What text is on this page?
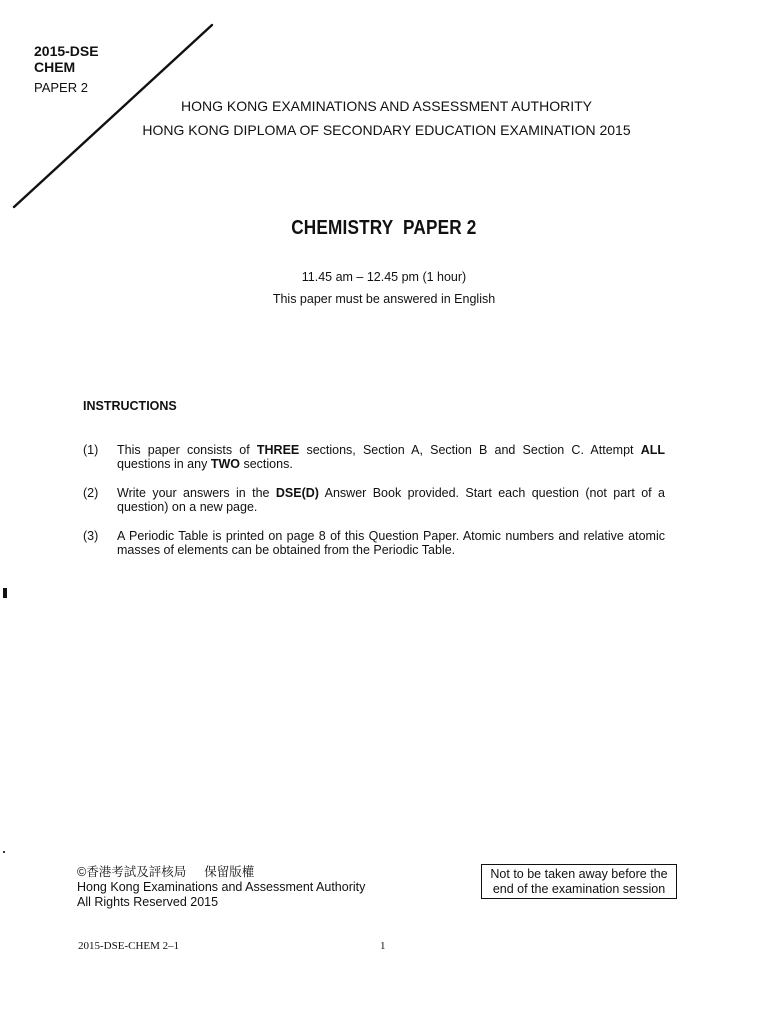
2015-DSE
CHEM
PAPER 2
HONG KONG EXAMINATIONS AND ASSESSMENT AUTHORITY
HONG KONG DIPLOMA OF SECONDARY EDUCATION EXAMINATION 2015
CHEMISTRY  PAPER 2
11.45 am – 12.45 pm (1 hour)
This paper must be answered in English
INSTRUCTIONS
(1) This paper consists of THREE sections, Section A, Section B and Section C. Attempt ALL questions in any TWO sections.
(2) Write your answers in the DSE(D) Answer Book provided. Start each question (not part of a question) on a new page.
(3) A Periodic Table is printed on page 8 of this Question Paper. Atomic numbers and relative atomic masses of elements can be obtained from the Periodic Table.
©香港考試及評核局 保留版權
Hong Kong Examinations and Assessment Authority
All Rights Reserved 2015
Not to be taken away before the
end of the examination session
2015-DSE-CHEM 2–1	1
